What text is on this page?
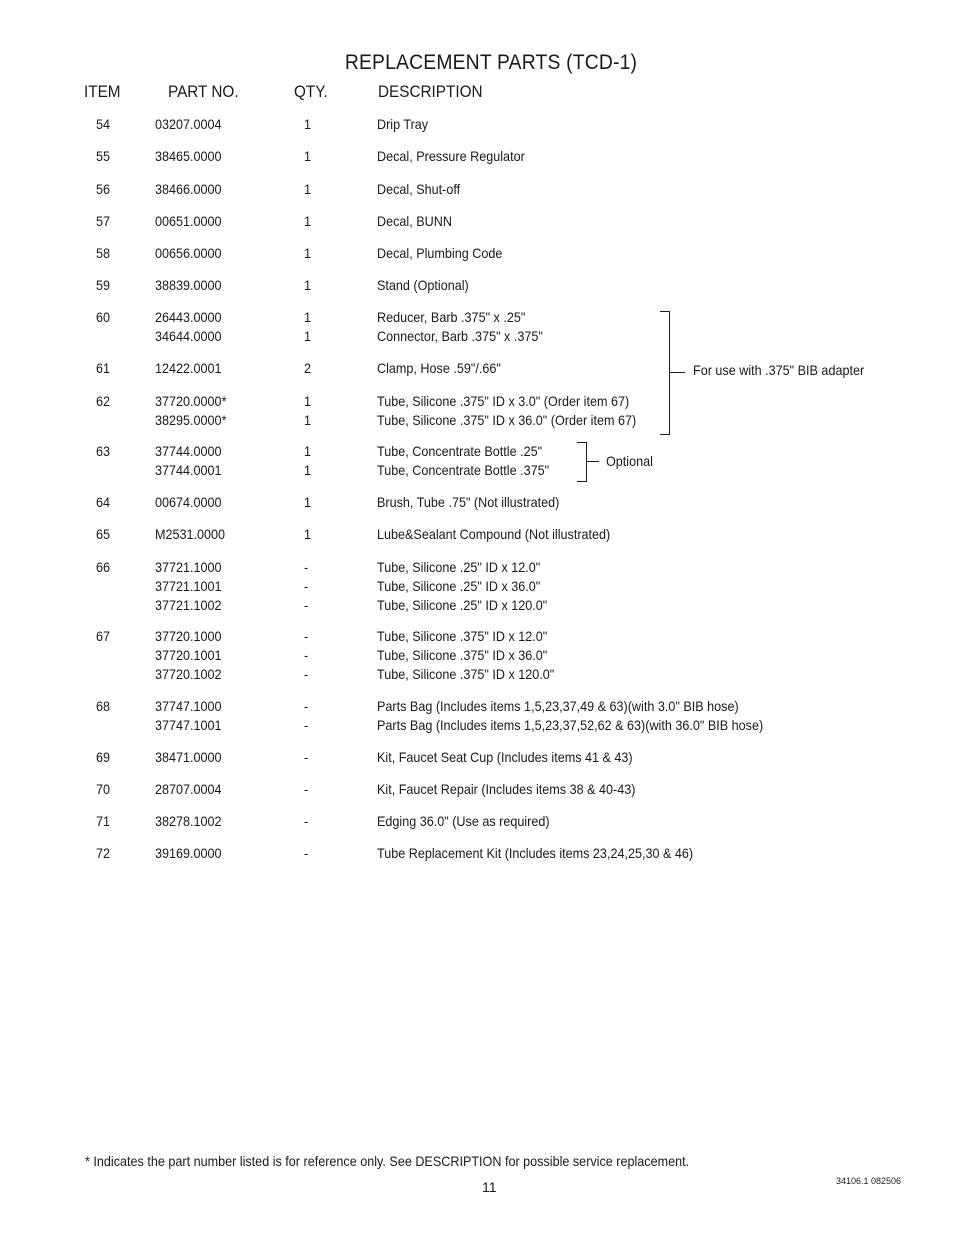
REPLACEMENT PARTS (TCD-1)
ITEM	PART NO.	QTY.	DESCRIPTION
54	03207.0004	1	Drip Tray
55	38465.0000	1	Decal, Pressure Regulator
56	38466.0000	1	Decal, Shut-off
57	00651.0000	1	Decal, BUNN
58	00656.0000	1	Decal, Plumbing Code
59	38839.0000	1	Stand (Optional)
60	26443.0000	1	Reducer, Barb .375" x .25"
34644.0000	1	Connector, Barb .375" x .375"
61	12422.0001	2	Clamp, Hose .59"/.66"
62	37720.0000*	1	Tube, Silicone .375" ID x 3.0" (Order item 67)
38295.0000*	1	Tube, Silicone .375" ID x 36.0" (Order item 67)
63	37744.0000	1	Tube, Concentrate Bottle .25"
37744.0001	1	Tube, Concentrate Bottle .375"
64	00674.0000	1	Brush, Tube .75" (Not illustrated)
65	M2531.0000	1	Lube&Sealant Compound (Not illustrated)
66	37721.1000	-	Tube, Silicone .25" ID x 12.0"
37721.1001	-	Tube, Silicone .25" ID x 36.0"
37721.1002	-	Tube, Silicone .25" ID x 120.0"
67	37720.1000	-	Tube, Silicone .375" ID x 12.0"
37720.1001	-	Tube, Silicone .375" ID x 36.0"
37720.1002	-	Tube, Silicone .375" ID x 120.0"
68	37747.1000	-	Parts Bag (Includes items 1,5,23,37,49 & 63)(with 3.0" BIB hose)
37747.1001	-	Parts Bag (Includes items 1,5,23,37,52,62 & 63)(with 36.0" BIB hose)
69	38471.0000	-	Kit, Faucet Seat Cup (Includes items 41 & 43)
70	28707.0004	-	Kit, Faucet Repair (Includes items 38 & 40-43)
71	38278.1002	-	Edging 36.0" (Use as required)
72	39169.0000	-	Tube Replacement Kit (Includes items 23,24,25,30 & 46)
For use with .375" BIB adapter
Optional
* Indicates the part number listed is for reference only. See DESCRIPTION for possible service replacement.
11	34106.1 082506
